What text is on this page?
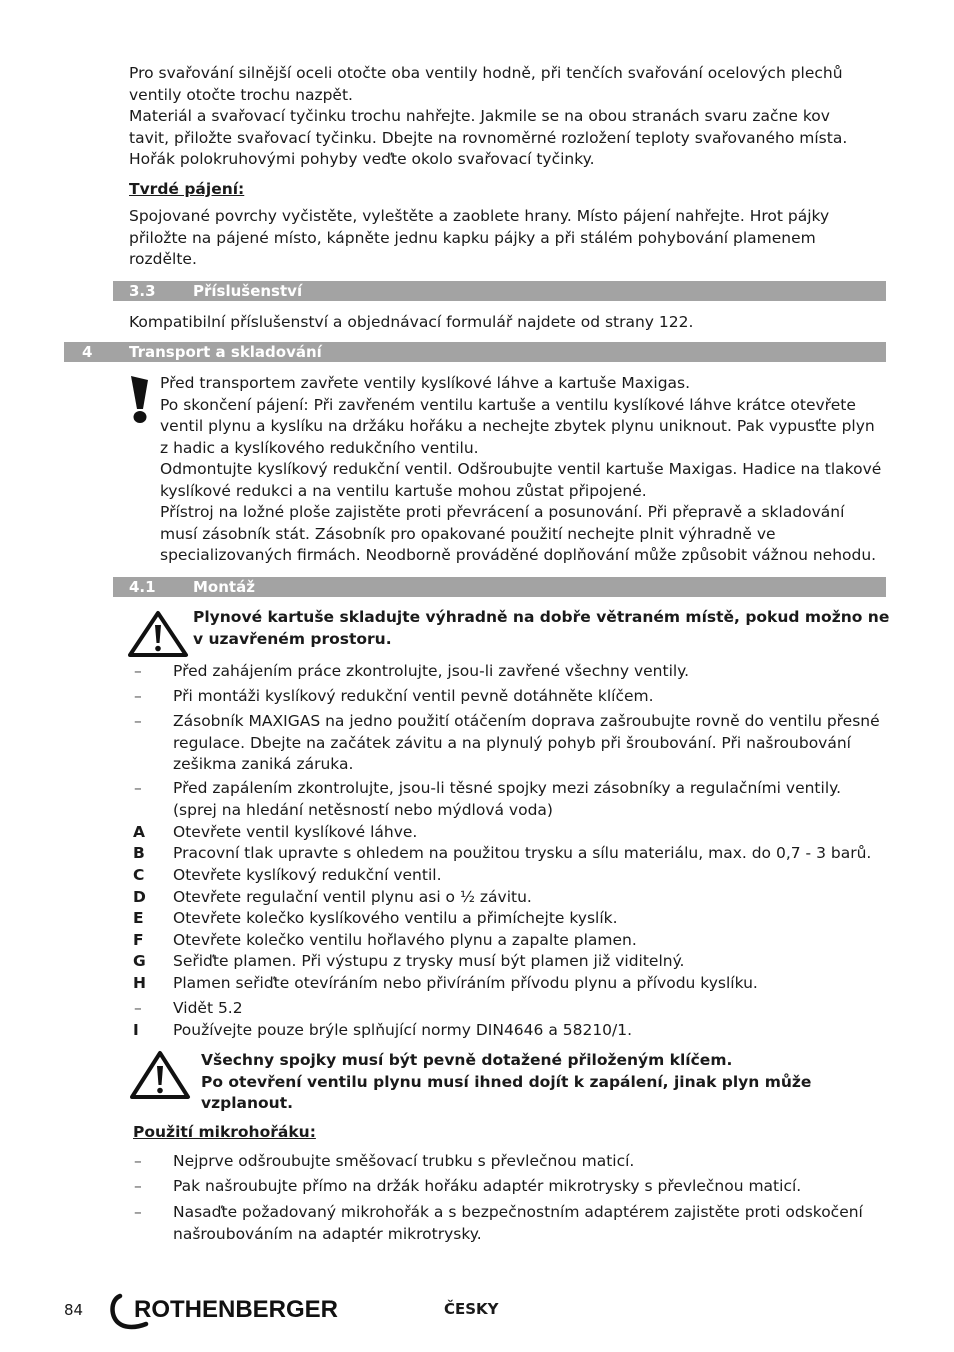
Pro svařování silnější oceli otočte oba ventily hodně, při tenčích svařování ocelových plechů ventily otočte trochu nazpět.

Materiál a svařovací tyčinku trochu nahřejte. Jakmile se na obou stranách svaru začne kov tavit, přiložte svařovací tyčinku. Dbejte na rovnoměrné rozložení teploty svařovaného místa. Hořák polokruhovými pohyby veďte okolo svařovací tyčinky.

Tvrdé pájení:

Spojované povrchy vyčistěte, vyleštěte a zaoblete hrany. Místo pájení nahřejte. Hrot pájky přiložte na pájené místo, kápněte jednu kapku pájky a při stálém pohybování plamenem rozdělte.

3.3 Příslušenství

Kompatibilní příslušenství a objednávací formulář najdete od strany 122.

4 Transport a skladování
Před transportem zavřete ventily kyslíkové láhve a kartuše Maxigas.
Po skončení pájení: Při zavřeném ventilu kartuše a ventilu kyslíkové láhve krátce otevřete ventil plynu a kyslíku na držáku hořáku a nechejte zbytek plynu uniknout. Pak vypusťte plyn z hadic a kyslíkového redukčního ventilu.
Odmontujte kyslíkový redukční ventil. Odšroubujte ventil kartuše Maxigas. Hadice na tlakové kyslíkové redukci a na ventilu kartuše mohou zůstat připojené.
Přístroj na ložné ploše zajistěte proti převrácení a posunování. Při přepravě a skladování musí zásobník stát. Zásobník pro opakované použití nechejte plnit výhradně ve specializovaných firmách. Neodborně prováděné doplňování může způsobit vážnou nehodu.
4.1 Montáž
Plynové kartuše skladujte výhradně na dobře větraném místě, pokud možno ne v uzavřeném prostoru.
–	Před zahájením práce zkontrolujte, jsou-li zavřené všechny ventily.
–	Při montáži kyslíkový redukční ventil pevně dotáhněte klíčem.
–	Zásobník MAXIGAS na jedno použití otáčením doprava zašroubujte rovně do ventilu přesné regulace. Dbejte na začátek závitu a na plynulý pohyb při šroubování. Při našroubování zešikma zaniká záruka.
–	Před zapálením zkontrolujte, jsou-li těsné spojky mezi zásobníky a regulačními ventily. (sprej na hledání netěsností nebo mýdlová voda)
A	Otevřete ventil kyslíkové láhve.
B	Pracovní tlak upravte s ohledem na použitou trysku a sílu materiálu, max. do 0,7 - 3 barů.
C	Otevřete kyslíkový redukční ventil.
D	Otevřete regulační ventil plynu asi o ½ závitu.
E	Otevřete kolečko kyslíkového ventilu a přimíchejte kyslík.
F	Otevřete kolečko ventilu hořlavého plynu a zapalte plamen.
G	Seřiďte plamen. Při výstupu z trysky musí být plamen již viditelný.
H	Plamen seřiďte otevíráním nebo přivíráním přívodu plynu a přívodu kyslíku.
–	Vidět 5.2
I	Používejte pouze brýle splňující normy DIN4646 a 58210/1.
Všechny spojky musí být pevně dotažené přiloženým klíčem.
Po otevření ventilu plynu musí ihned dojít k zapálení, jinak plyn může vzplanout.
Použití mikrohořáku:
–	Nejprve odšroubujte směšovací trubku s převlečnou maticí.
–	Pak našroubujte přímo na držák hořáku adaptér mikrotrysky s převlečnou maticí.
–	Nasaďte požadovaný mikrohořák a s bezpečnostním adaptérem zajistěte proti odskočení našroubováním na adaptér mikrotrysky.
84 ROTHENBERGER	ČESKY
